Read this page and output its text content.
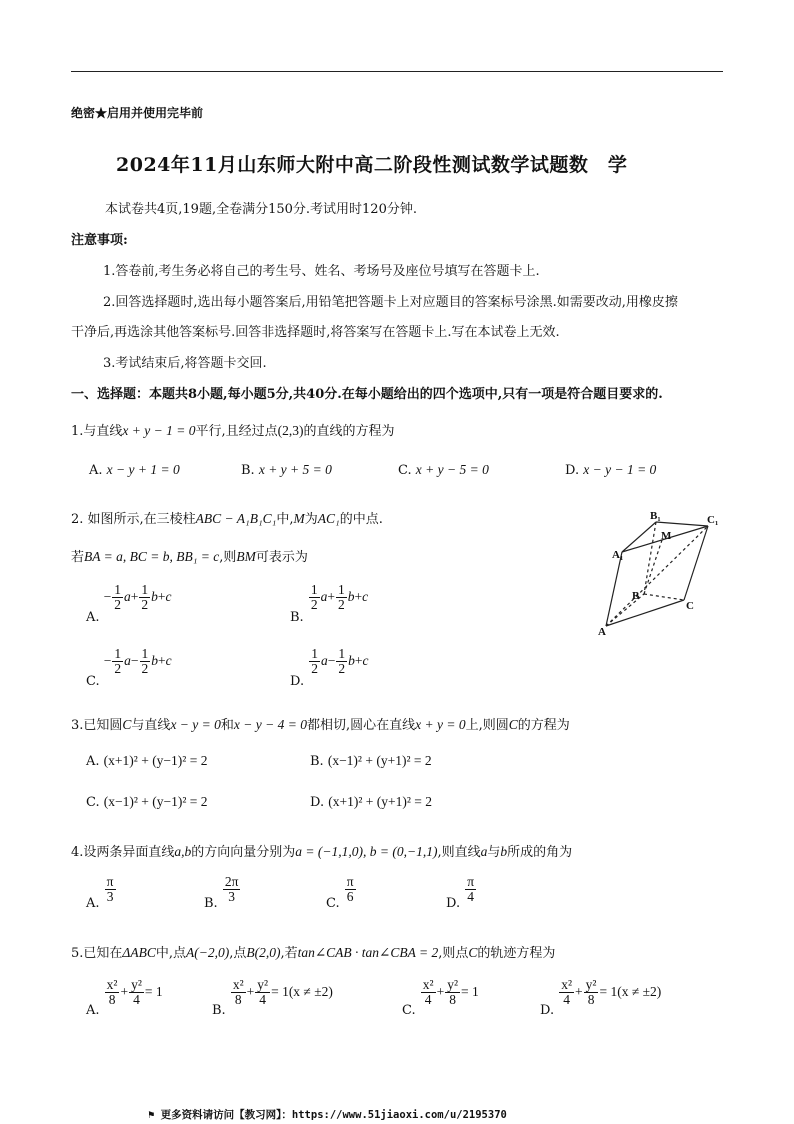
绝密★启用并使用完毕前
2024年11月山东师大附中高二阶段性测试数学试题数　学
本试卷共4页,19题,全卷满分150分.考试用时120分钟.
注意事项:
1.答卷前,考生务必将自己的考生号、姓名、考场号及座位号填写在答题卡上.
2.回答选择题时,选出每小题答案后,用铅笔把答题卡上对应题目的答案标号涂黑.如需要改动,用橡皮擦
干净后,再选涂其他答案标号.回答非选择题时,将答案写在答题卡上.写在本试卷上无效.
3.考试结束后,将答题卡交回.
一、选择题：本题共8小题,每小题5分,共40分.在每小题给出的四个选项中,只有一项是符合题目要求的.
1.与直线x + y − 1 = 0平行,且经过点(2,3)的直线的方程为
A. x − y + 1 = 0	B. x + y + 5 = 0	C. x + y − 5 = 0	D. x − y − 1 = 0
2. 如图所示,在三棱柱ABC − A₁B₁C₁中,M为AC₁的中点.
若BA = a, BC = b, BB₁ = c,则BM可表示为
A. − $\frac{1}{2} a+ \frac{1}{2} b+c$
B.
$\frac{1}{2} a+ \frac{1}{2} b+c$
C. − $\frac{1}{2} a- \frac{1}{2} b+c$
D.
$\frac{1}{2} a- \frac{1}{2} b+c$
B₁	C₁
A₁
M
B
C
A
3.已知圆C与直线x − y = 0和x − y − 4 = 0都相切,圆心在直线x + y = 0上,则圆C的方程为
A. (x+1)² + (y−1)² = 2	B. (x−1)² + (y+1)² = 2
C. (x−1)² + (y−1)² = 2	D. (x+1)² + (y+1)² = 2
4.设两条异面直线a,b的方向向量分别为a = (−1,1,0), b = (0,−1,1),则直线a与b所成的角为
A. $\frac{\pi}{3}$	B. $\frac{2\pi}{3}$	C. $\frac{\pi}{6}$	D. $\frac{\pi}{4}$
5.已知在ΔABC中,点A(−2,0),点B(2,0),若tan∠CAB · tan∠CBA = 2,则点C的轨迹方程为
A.
$\frac{\text{x²}}{8} + \frac{\text{y²}}{4} = 1$
B.
$\frac{\text{x²}}{8} + \frac{\text{y²}}{4} = 1(x \ne \pm 2)$
C.
$\frac{\text{x²}}{4} + \frac{\text{y²}}{8} = 1$
D.
$\frac{\text{x²}}{4} + \frac{\text{y²}}{8} = 1(x \ne \pm 2)$
⚑ 更多资料请访问【教习网】：https://www.51jiaoxi.com/u/2195370
